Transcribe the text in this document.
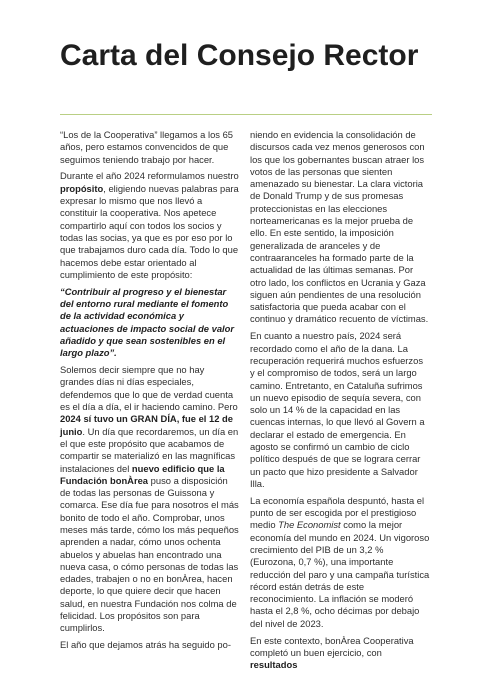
Carta del Consejo Rector

“Los de la Cooperativa” llegamos a los 65 años, pero estamos convencidos de que seguimos teniendo trabajo por hacer.

Durante el año 2024 reformulamos nuestro propósito, eligiendo nuevas palabras para expresar lo mismo que nos llevó a constituir la cooperativa. Nos apetece compartirlo aquí con todos los socios y todas las socias, ya que es por eso por lo que trabajamos duro cada día. Todo lo que hacemos debe estar orientado al cumplimiento de este propósito:

“Contribuir al progreso y el bienestar del entorno rural mediante el fomento de la actividad económica y actuaciones de impacto social de valor añadido y que sean sostenibles en el largo plazo”.

Solemos decir siempre que no hay grandes días ni días especiales, defendemos que lo que de verdad cuenta es el día a día, el ir haciendo camino. Pero 2024 sí tuvo un GRAN DÍA, fue el 12 de junio. Un día que recordaremos, un día en el que este propósito que acabamos de compartir se materializó en las magníficas instalaciones del nuevo edificio que la Fundación bonÀrea puso a disposición de todas las personas de Guissona y comarca. Ese día fue para nosotros el más bonito de todo el año. Comprobar, unos meses más tarde, cómo los más pequeños aprenden a nadar, cómo unos ochenta abuelos y abuelas han encontrado una nueva casa, o cómo personas de todas las edades, trabajen o no en bonÀrea, hacen deporte, lo que quiere decir que hacen salud, en nuestra Fundación nos colma de felicidad. Los propósitos son para cumplirlos.

El año que dejamos atrás ha seguido po-

niendo en evidencia la consolidación de discursos cada vez menos generosos con los que los gobernantes buscan atraer los votos de las personas que sienten amenazado su bienestar. La clara victoria de Donald Trump y de sus promesas proteccionistas en las elecciones norteamericanas es la mejor prueba de ello. En este sentido, la imposición generalizada de aranceles y de contraaranceles ha formado parte de la actualidad de las últimas semanas. Por otro lado, los conflictos en Ucrania y Gaza siguen aún pendientes de una resolución satisfactoria que pueda acabar con el continuo y dramático recuento de víctimas.

En cuanto a nuestro país, 2024 será recordado como el año de la dana. La recuperación requerirá muchos esfuerzos y el compromiso de todos, será un largo camino. Entretanto, en Cataluña sufrimos un nuevo episodio de sequía severa, con solo un 14 % de la capacidad en las cuencas internas, lo que llevó al Govern a declarar el estado de emergencia. En agosto se confirmó un cambio de ciclo político después de que se lograra cerrar un pacto que hizo presidente a Salvador Illa.

La economía española despuntó, hasta el punto de ser escogida por el prestigioso medio The Economist como la mejor economía del mundo en 2024. Un vigoroso crecimiento del PIB de un 3,2 % (Eurozona, 0,7 %), una importante reducción del paro y una campaña turística récord están detrás de este reconocimiento. La inflación se moderó hasta el 2,8 %, ocho décimas por debajo del nivel de 2023.

En este contexto, bonÀrea Cooperativa completó un buen ejercicio, con resultados
